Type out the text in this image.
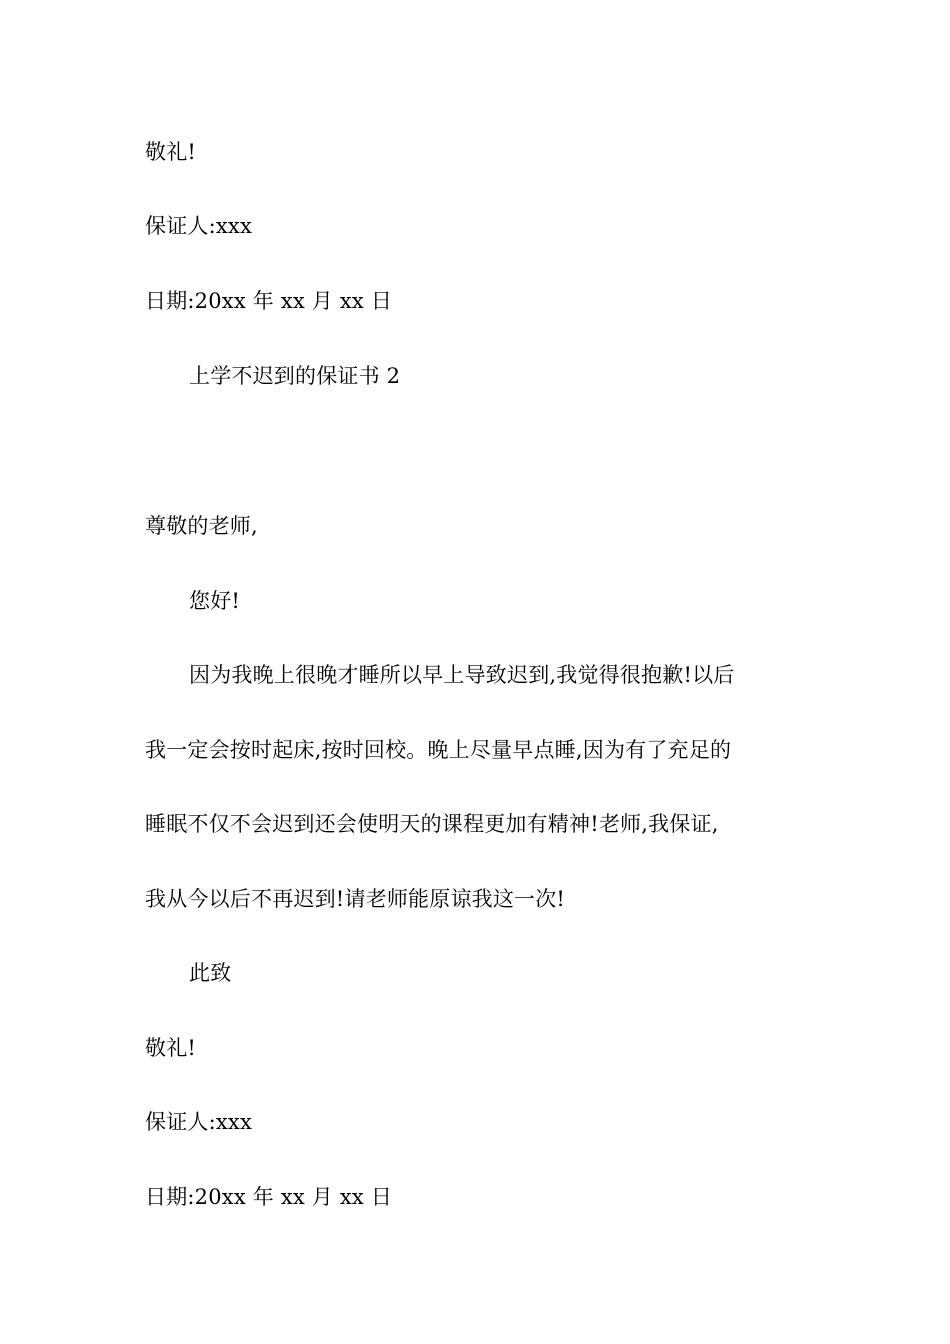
敬礼!
保证人:xxx
日期:20xx 年 xx 月 xx 日
上学不迟到的保证书 2
尊敬的老师,
您好!
因为我晚上很晚才睡所以早上导致迟到,我觉得很抱歉!以后
我一定会按时起床,按时回校。晚上尽量早点睡,因为有了充足的
睡眠不仅不会迟到还会使明天的课程更加有精神!老师,我保证,
我从今以后不再迟到!请老师能原谅我这一次!
此致
敬礼!
保证人:xxx
日期:20xx 年 xx 月 xx 日
